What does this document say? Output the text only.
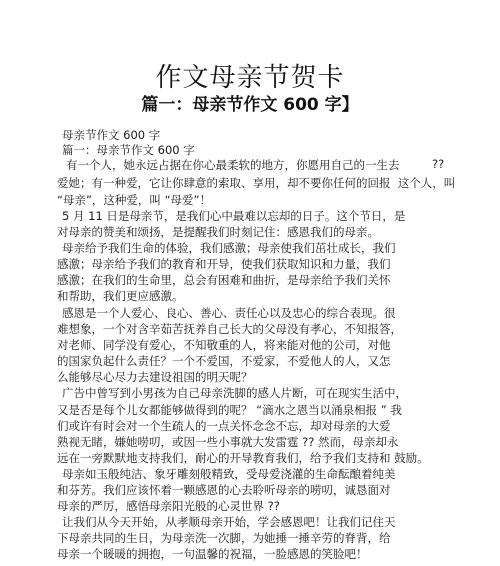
作文母亲节贺卡
篇一：母亲节作文 600 字】
??
母亲节作文 600 字
篇一：母亲节作文 600 字
有一个人，她永远占据在你心最柔软的地方，你愿用自己的一生去
爱她；有一种爱，它让你肆意的索取、享用，却不要你任何的回报  这个人，叫
“母亲”，这种爱，叫 “母爱”！
5 月 11 日是母亲节，是我们心中最难以忘却的日子。这个节日，是
对母亲的赞美和颂扬，是提醒我们时刻记住：感恩我们的母亲。
母亲给予我们生命的体验，我们感激；母亲使我们茁壮成长，我们
感激；母亲给予我们的教育和开导，使我们获取知识和力量，我们
感激；在我们的生命里，总会有困难和曲折，是母亲给予我们关怀
和帮助，我们更应感激。
感恩是一个人爱心、良心、善心、责任心以及忠心的综合表现。很
难想象，一个对含辛茹苦抚养自己长大的父母没有孝心，不知报答，
对老师、同学没有爱心，不知敬重的人，将来能对他的公司，对他
的国家负起什么责任？一个不爱国，不爱家，不爱他人的人，又怎
么能够尽心尽力去建设祖国的明天呢？
广告中曾写到小男孩为自己母亲洗脚的感人片断，可在现实生活中，
又是否是每个儿女都能够做得到的呢？ “滴水之恩当以涌泉相报 ” 我
们或许有时会对一个生疏人的一点关怀念念不忘，却对母亲的大爱
熟视无睹，嫌她唠叨，或因一些小事就大发雷霆 ?? 然而，母亲却永
远在一旁默默地支持我们，耐心的开导教育我们，给予我们支持和 鼓励。
母亲如玉般纯洁、象牙雕刻般精致，受母爱浇灌的生命酝酿着纯美
和芬芳。我们应该怀着一颗感恩的心去聆听母亲的唠叨，诚恳面对
母亲的严厉，感悟母亲阳光般的心灵世界 ??
让我们从今天开始，从孝顺母亲开始，学会感恩吧！让我们记住天
下母亲共同的生日，为母亲洗一次脚，为她捶一捶辛劳的脊背，给
母亲一个暖暖的拥抱，一句温馨的祝福，一脸感恩的笑脸吧！
